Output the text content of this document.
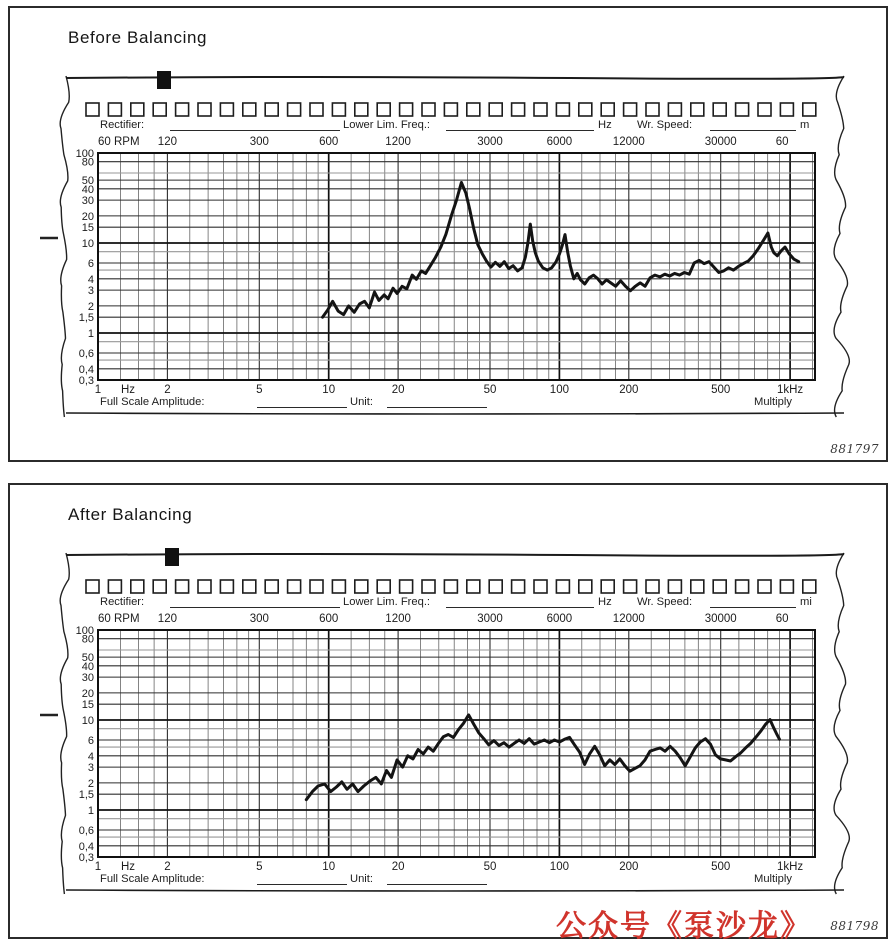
60 RPM 120	300	600	1200	3000	6000	12000	30000	60
100
80
50
40
30
20
15
10
6
4
3
2
1,5
1
0,6
0,4
0,3
1	2	5	10	20	50	100	200	500	1kHz
Hz
Before Balancing
Rectifier:	Lower Lim. Freq.:	Hz Wr. Speed:	m
Full Scale Amplitude:	Unit:	Multiply
881797
60 RPM 120	300	600	1200	3000	6000	12000	30000	60
100
80
50
40
30
20
15
10
6
4
3
2
1,5
1
0,6
0,4
0,3
1	2	5	10	20	50	100	200	500	1kHz
Hz
After Balancing
Rectifier:	Lower Lim. Freq.:	Hz Wr. Speed:	mi
Full Scale Amplitude:	Unit:	Multiply
881798
公众号《泵沙龙》
